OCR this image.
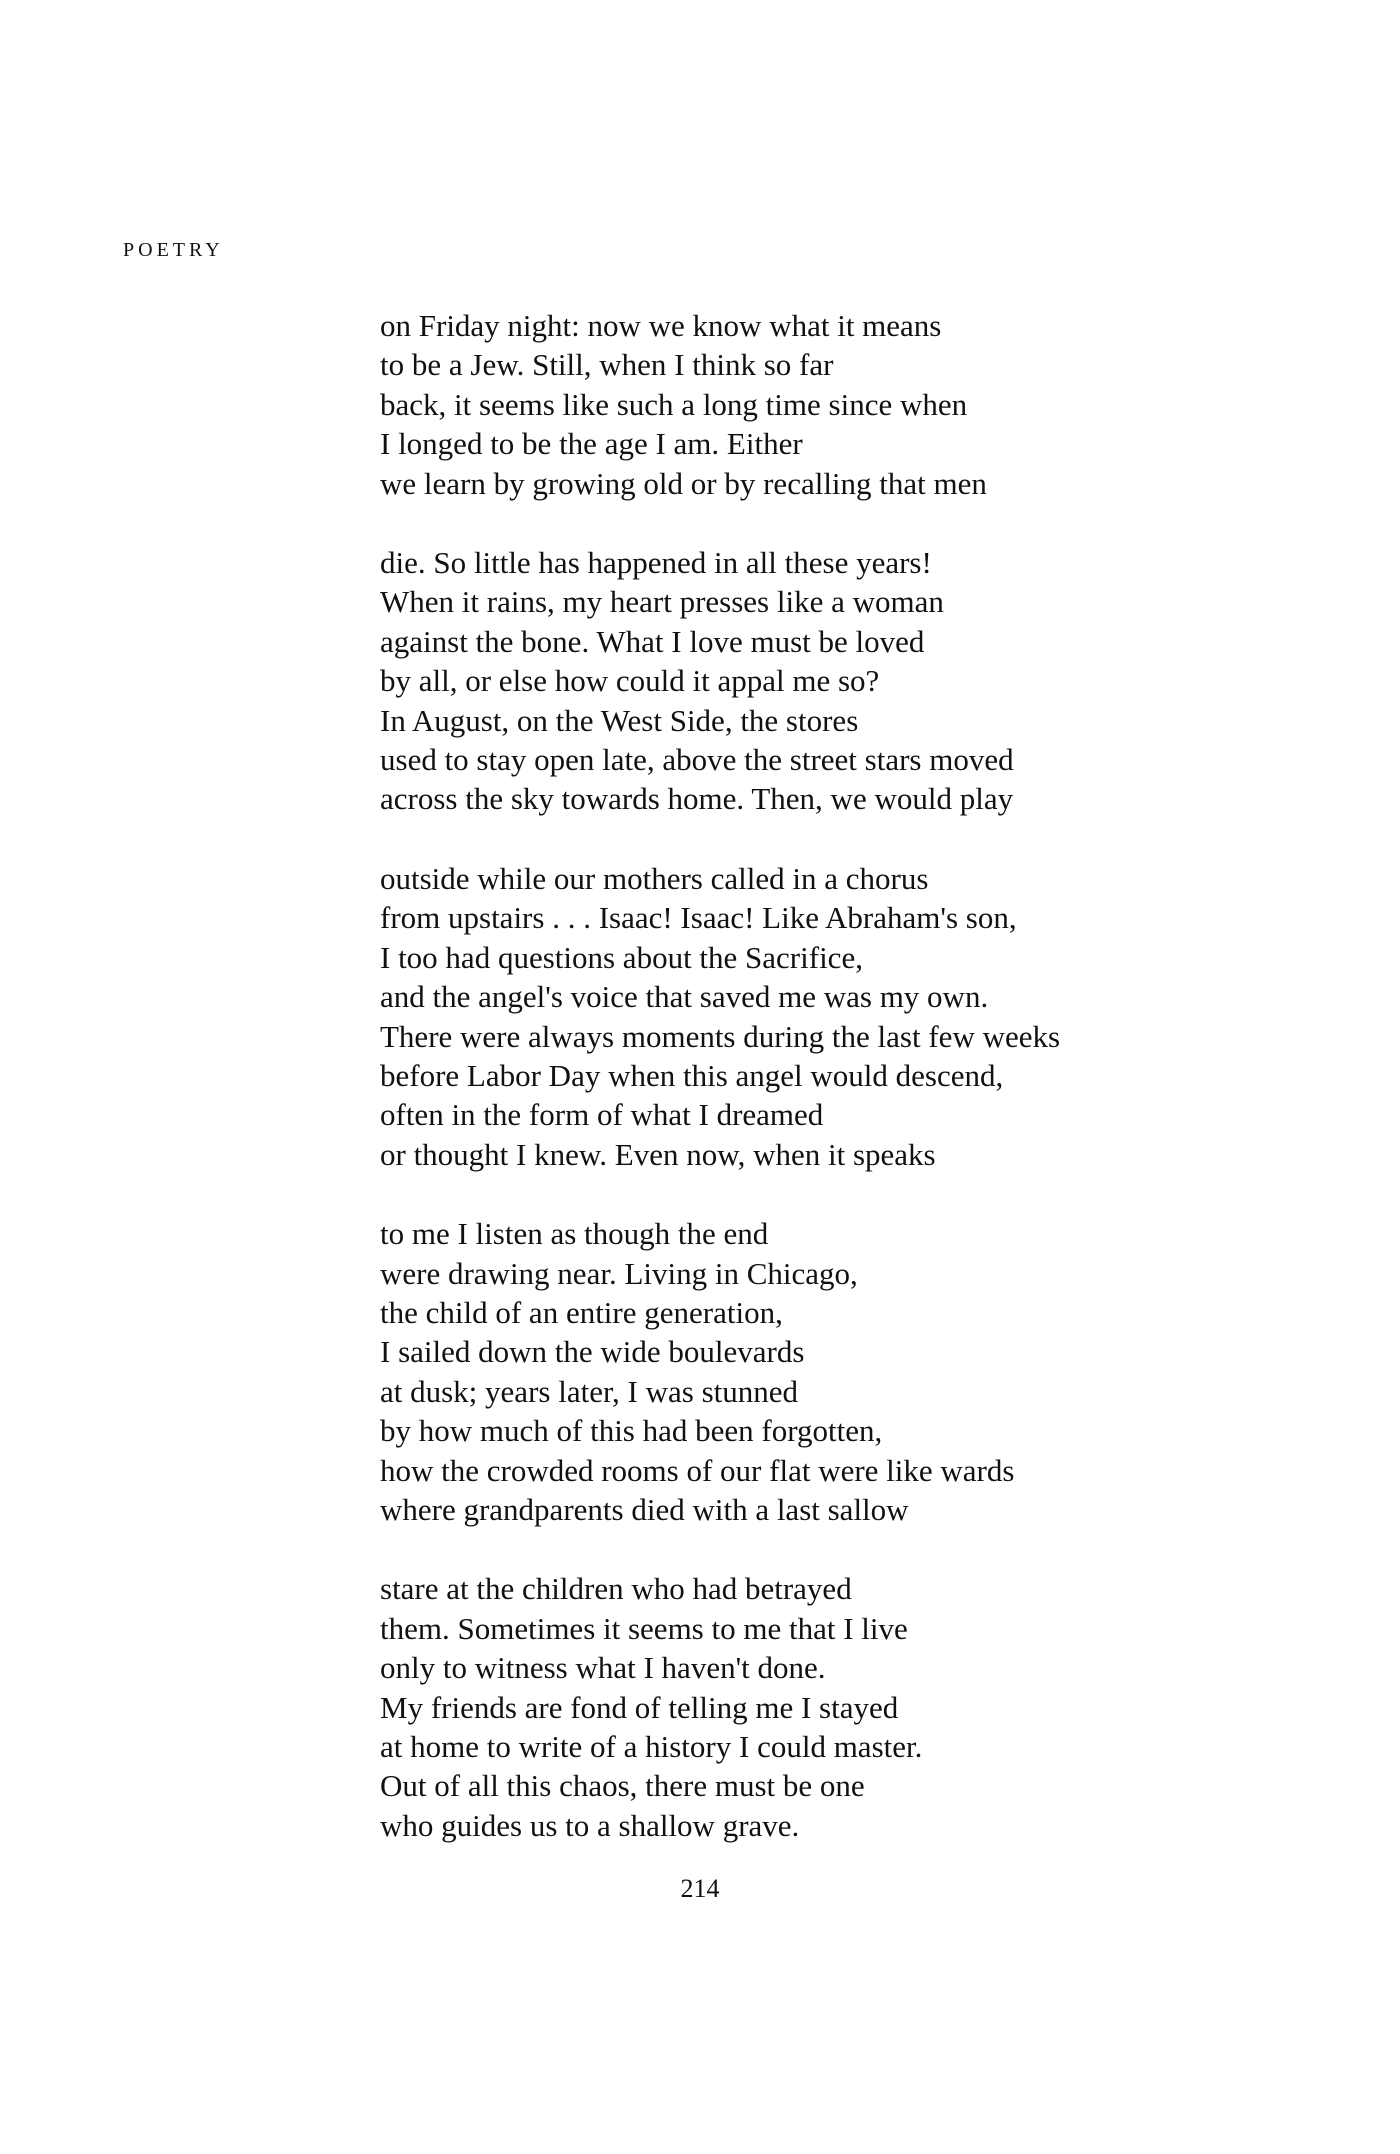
POETRY
on Friday night: now we know what it means
to be a Jew. Still, when I think so far
back, it seems like such a long time since when
I longed to be the age I am. Either
we learn by growing old or by recalling that men
die. So little has happened in all these years!
When it rains, my heart presses like a woman
against the bone. What I love must be loved
by all, or else how could it appal me so?
In August, on the West Side, the stores
used to stay open late, above the street stars moved
across the sky towards home. Then, we would play
outside while our mothers called in a chorus
from upstairs . . . Isaac! Isaac! Like Abraham's son,
I too had questions about the Sacrifice,
and the angel's voice that saved me was my own.
There were always moments during the last few weeks
before Labor Day when this angel would descend,
often in the form of what I dreamed
or thought I knew. Even now, when it speaks
to me I listen as though the end
were drawing near. Living in Chicago,
the child of an entire generation,
I sailed down the wide boulevards
at dusk; years later, I was stunned
by how much of this had been forgotten,
how the crowded rooms of our flat were like wards
where grandparents died with a last sallow
stare at the children who had betrayed
them. Sometimes it seems to me that I live
only to witness what I haven't done.
My friends are fond of telling me I stayed
at home to write of a history I could master.
Out of all this chaos, there must be one
who guides us to a shallow grave.
214
